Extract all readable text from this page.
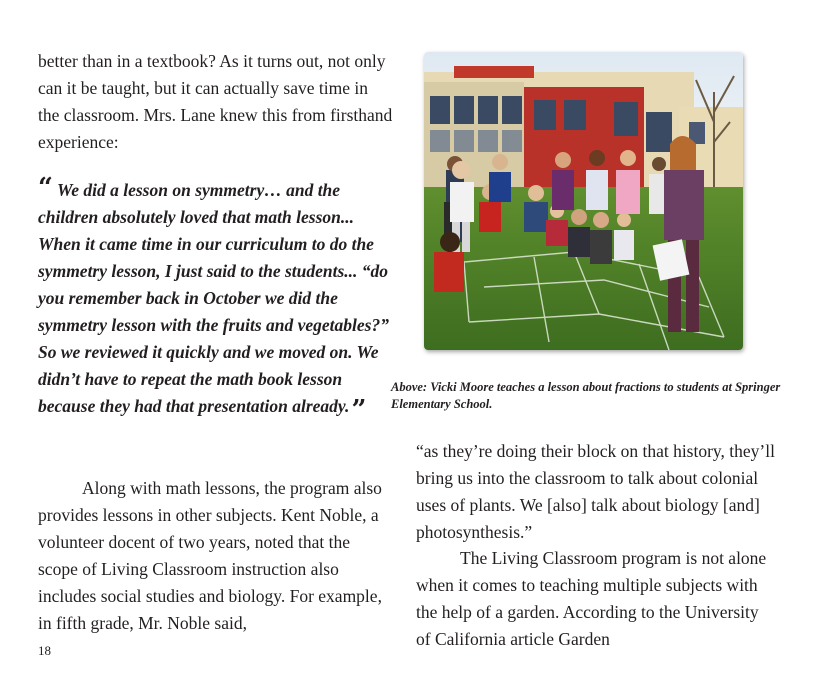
better than in a textbook? As it turns out, not only can it be taught, but it can actually save time in the classroom. Mrs. Lane knew this from firsthand experience:

“ We did a lesson on symmetry… and the children absolutely loved that math lesson... When it came time in our curriculum to do the symmetry lesson, I just said to the students... “do you remember back in October we did the symmetry lesson with the fruits and vegetables?” So we reviewed it quickly and we moved on. We didn’t have to repeat the math book lesson because they had that presentation already.”

Along with math lessons, the program also provides lessons in other subjects. Kent Noble, a volunteer docent of two years, noted that the scope of Living Classroom instruction also includes social studies and biology. For example, in fifth grade, Mr. Noble said,

Above: Vicki Moore teaches a lesson about fractions to students at Springer Elementary School.

“as they’re doing their block on that history, they’ll bring us into the classroom to talk about colonial uses of plants. We [also] talk about biology [and] photosynthesis.”

The Living Classroom program is not alone when it comes to teaching multiple subjects with the help of a garden. According to the University of California article Garden

18
